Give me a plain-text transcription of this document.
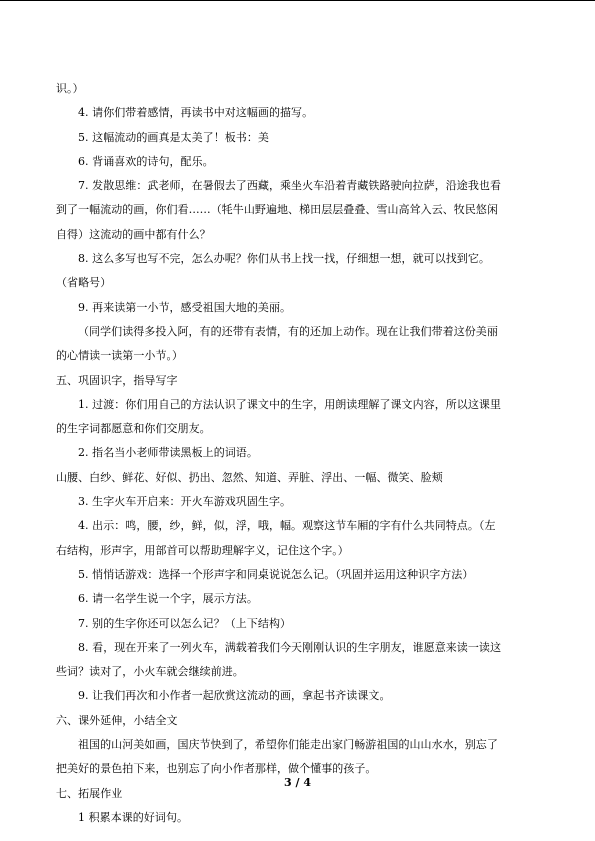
识。）
4. 请你们带着感情，再读书中对这幅画的描写。
5. 这幅流动的画真是太美了！板书：美
6. 背诵喜欢的诗句，配乐。
7. 发散思维：武老师，在暑假去了西藏，乘坐火车沿着青藏铁路驶向拉萨，沿途我也看
到了一幅流动的画，你们看……（牦牛山野遍地、梯田层层叠叠、雪山高耸入云、牧民悠闲
自得）这流动的画中都有什么？
8. 这么多写也写不完，怎么办呢？你们从书上找一找，仔细想一想，就可以找到它。
（省略号）
9. 再来读第一小节，感受祖国大地的美丽。
（同学们读得多投入阿，有的还带有表情，有的还加上动作。现在让我们带着这份美丽
的心情读一读第一小节。）
五、巩固识字，指导写字
1. 过渡：你们用自己的方法认识了课文中的生字，用朗读理解了课文内容，所以这课里
的生字词都愿意和你们交朋友。
2. 指名当小老师带读黑板上的词语。
山腰、白纱、鲜花、好似、扔出、忽然、知道、弄脏、浮出、一幅、微笑、脸颊
3. 生字火车开启来：开火车游戏巩固生字。
4. 出示：鸣，腰，纱，鲜，似，浮，哦，幅。观察这节车厢的字有什么共同特点。（左
右结构，形声字，用部首可以帮助理解字义，记住这个字。）
5. 悄悄话游戏：选择一个形声字和同桌说说怎么记。（巩固并运用这种识字方法）
6. 请一名学生说一个字，展示方法。
7. 别的生字你还可以怎么记？（上下结构）
8. 看，现在开来了一列火车，满载着我们今天刚刚认识的生字朋友，谁愿意来读一读这
些词？读对了，小火车就会继续前进。
9. 让我们再次和小作者一起欣赏这流动的画，拿起书齐读课文。
六、课外延伸，小结全文
祖国的山河美如画，国庆节快到了，希望你们能走出家门畅游祖国的山山水水，别忘了
把美好的景色拍下来，也别忘了向小作者那样，做个懂事的孩子。
七、拓展作业
1 积累本课的好词句。
3 / 4
